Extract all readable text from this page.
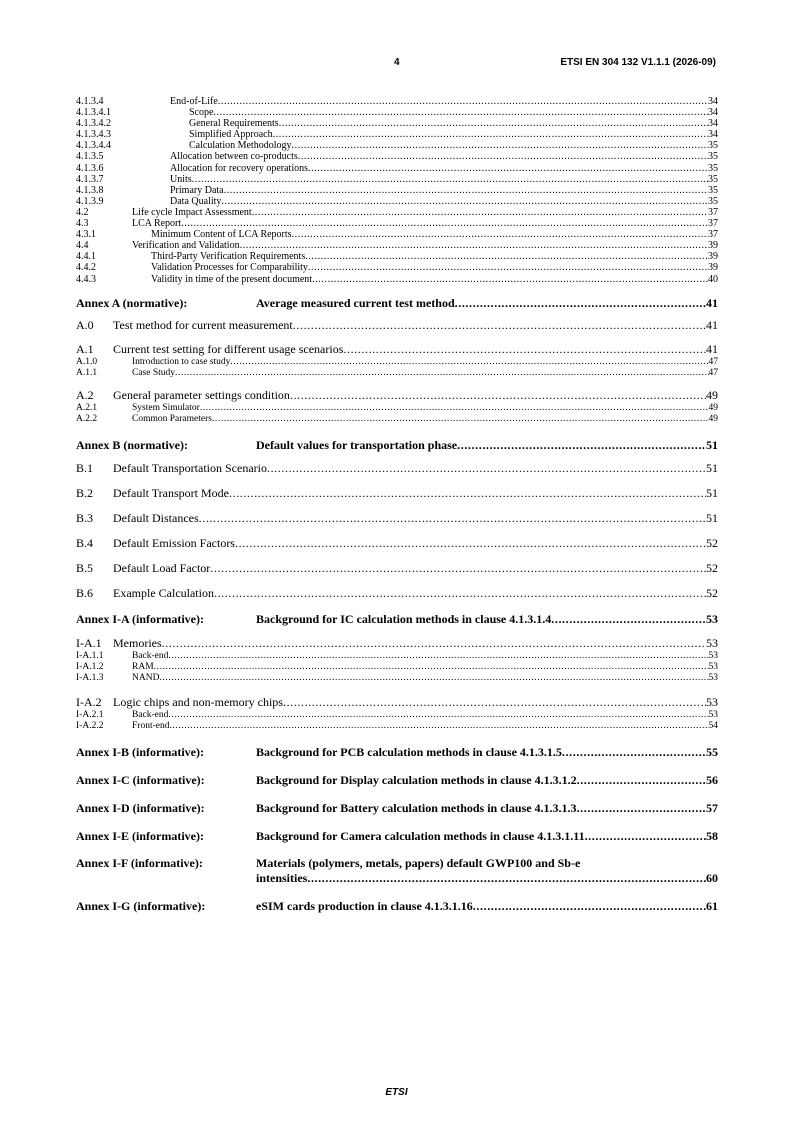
4	ETSI EN 304 132 V1.1.1 (2026-09)
4.1.3.4	End-of-Life .....	34
4.1.3.4.1	Scope .....	34
4.1.3.4.2	General Requirements .....	34
4.1.3.4.3	Simplified Approach .....	34
4.1.3.4.4	Calculation Methodology .....	35
4.1.3.5	Allocation between co-products .....	35
4.1.3.6	Allocation for recovery operations .....	35
4.1.3.7	Units .....	35
4.1.3.8	Primary Data .....	35
4.1.3.9	Data Quality .....	35
4.2	Life cycle Impact Assessment .....	37
4.3	LCA Report .....	37
4.3.1	Minimum Content of LCA Reports .....	37
4.4	Verification and Validation .....	39
4.4.1	Third-Party Verification Requirements .....	39
4.4.2	Validation Processes for Comparability .....	39
4.4.3	Validity in time of the present document .....	40
Annex A (normative):	Average measured current test method .....	41
A.0	Test method for current measurement .....	41
A.1	Current test setting for different usage scenarios .....	41
A.1.0	Introduction to case study .....	47
A.1.1	Case Study .....	47
A.2	General parameter settings condition .....	49
A.2.1	System Simulator .....	49
A.2.2	Common Parameters .....	49
Annex B (normative):	Default values for transportation phase .....	51
B.1	Default Transportation Scenario .....	51
B.2	Default Transport Mode .....	51
B.3	Default Distances .....	51
B.4	Default Emission Factors .....	52
B.5	Default Load Factor .....	52
B.6	Example Calculation .....	52
Annex I-A (informative):	Background for IC calculation methods in clause 4.1.3.1.4 .....	53
I-A.1 Memories .....	53
I-A.1.1	Back-end .....	53
I-A.1.2	RAM .....	53
I-A.1.3	NAND .....	53
I-A.2 Logic chips and non-memory chips .....	53
I-A.2.1	Back-end .....	53
I-A.2.2	Front-end .....	54
Annex I-B (informative):	Background for PCB calculation methods in clause 4.1.3.1.5 .....	55
Annex I-C (informative):	Background for Display calculation methods in clause 4.1.3.1.2 .....	56
Annex I-D (informative):	Background for Battery calculation methods in clause 4.1.3.1.3 .....	57
Annex I-E (informative):	Background for Camera calculation methods in clause 4.1.3.1.11 .....	58
Annex I-F (informative):	Materials (polymers, metals, papers) default GWP100 and Sb-e
intensities .....	60
Annex I-G (informative):	eSIM cards production in clause 4.1.3.1.16 .....	61
ETSI
